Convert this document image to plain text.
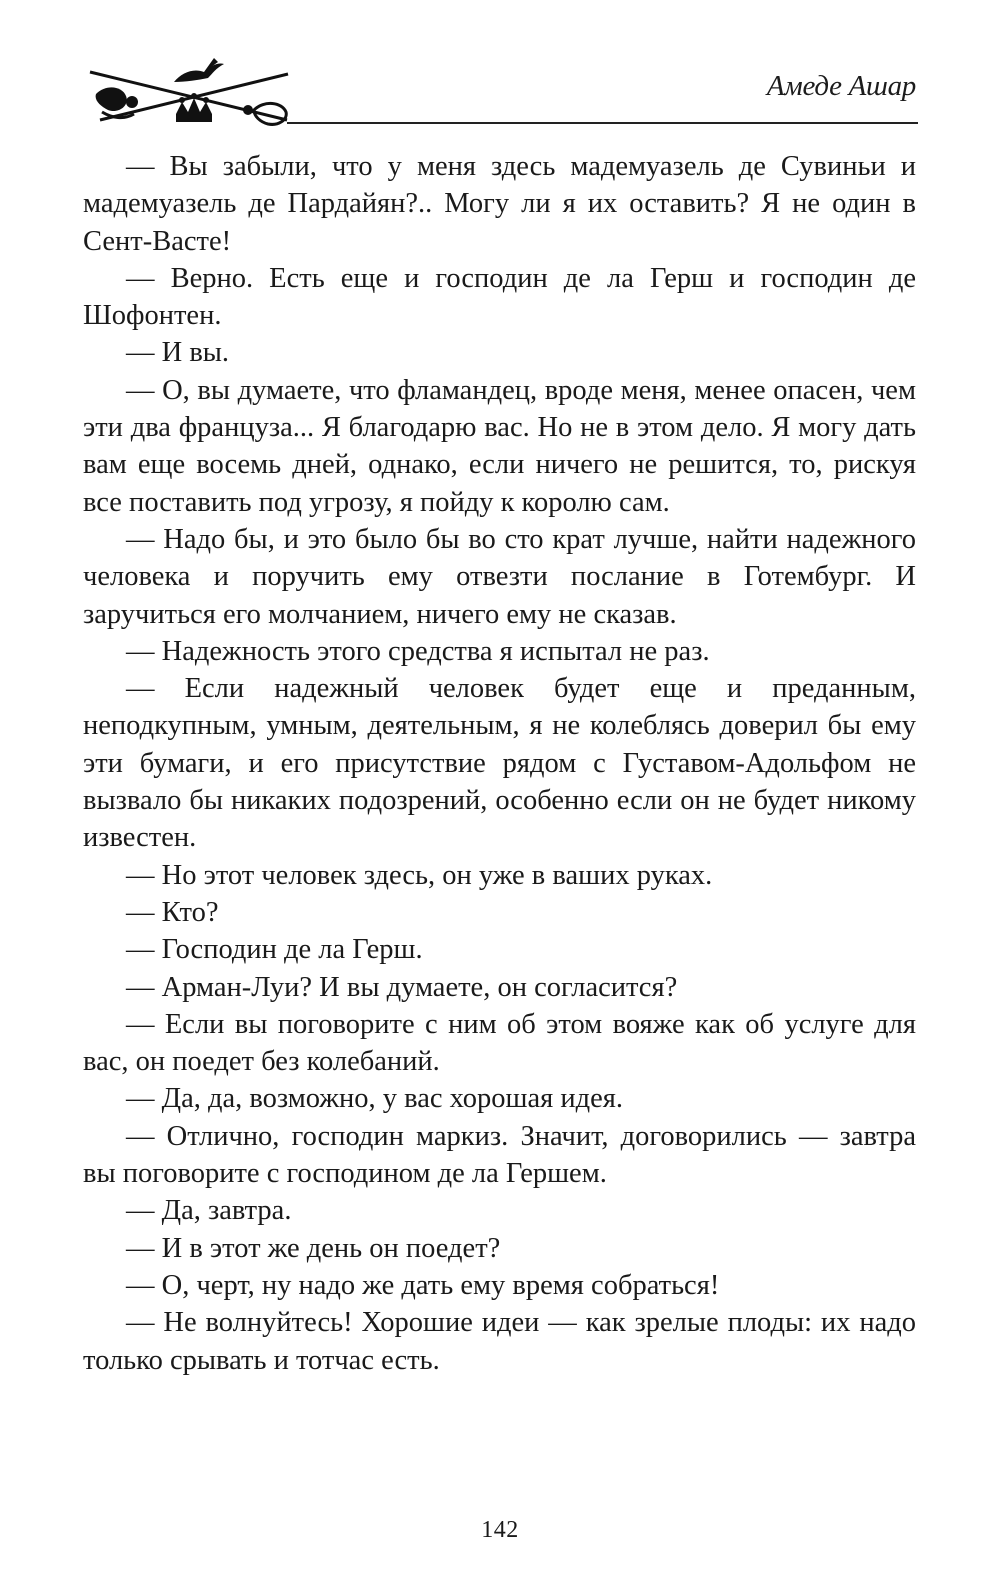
Амеде Ашар

— Вы забыли, что у меня здесь мадемуазель де Сувиньи и мадемуазель де Пардайян?.. Могу ли я их оставить? Я не один в Сент-Васте!

— Верно. Есть еще и господин де ла Герш и господин де Шофонтен.

— И вы.

— О, вы думаете, что фламандец, вроде меня, менее опасен, чем эти два француза... Я благодарю вас. Но не в этом дело. Я могу дать вам еще восемь дней, однако, если ничего не решится, то, рискуя все поставить под угрозу, я пойду к королю сам.

— Надо бы, и это было бы во сто крат лучше, найти надежного человека и поручить ему отвезти послание в Готембург. И заручиться его молчанием, ничего ему не сказав.

— Надежность этого средства я испытал не раз.

— Если надежный человек будет еще и преданным, неподкупным, умным, деятельным, я не колеблясь доверил бы ему эти бумаги, и его присутствие рядом с Густавом-Адольфом не вызвало бы никаких подозрений, особенно если он не будет никому известен.

— Но этот человек здесь, он уже в ваших руках.

— Кто?

— Господин де ла Герш.

— Арман-Луи? И вы думаете, он согласится?

— Если вы поговорите с ним об этом вояже как об услуге для вас, он поедет без колебаний.

— Да, да, возможно, у вас хорошая идея.

— Отлично, господин маркиз. Значит, договорились — завтра вы поговорите с господином де ла Гершем.

— Да, завтра.

— И в этот же день он поедет?

— О, черт, ну надо же дать ему время собраться!

— Не волнуйтесь! Хорошие идеи — как зрелые плоды: их надо только срывать и тотчас есть.

142
